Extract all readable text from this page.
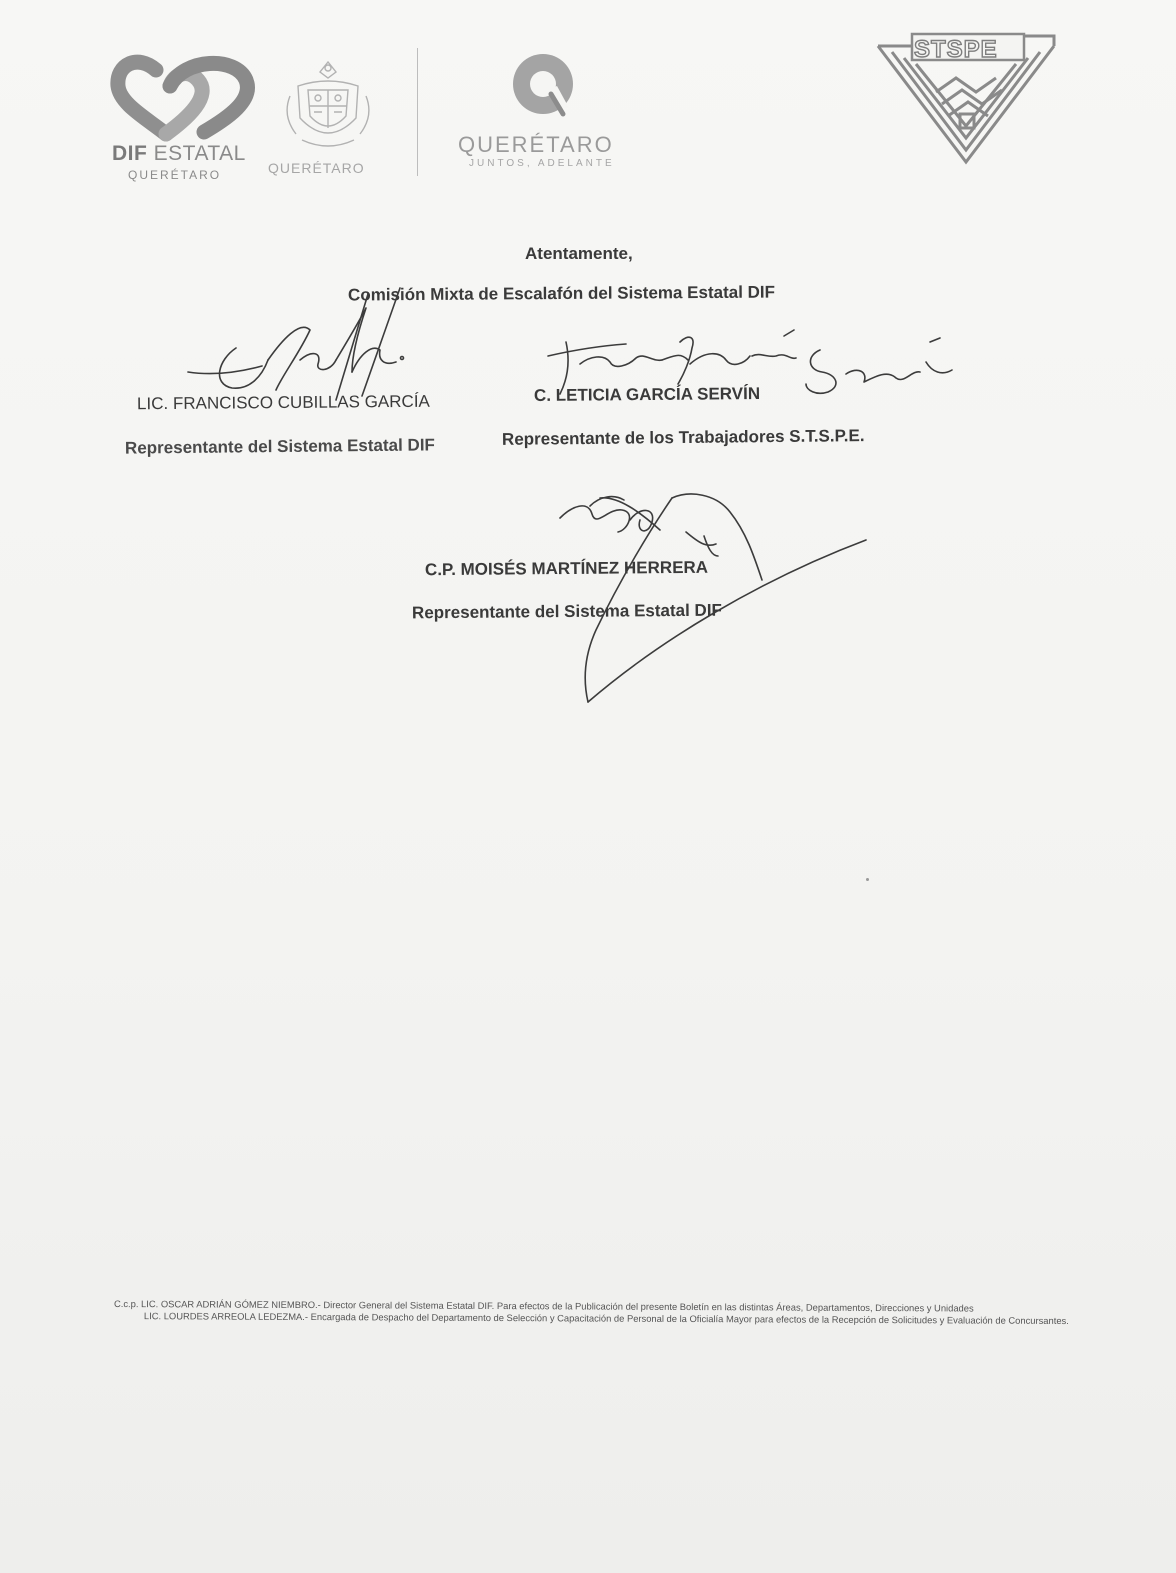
DIF ESTATAL
QUERÉTARO	QUERÉTARO
QUERÉTARO
JUNTOS, ADELANTE
STSPE
Atentamente,
Comisión Mixta de Escalafón del Sistema Estatal DIF
LIC. FRANCISCO CUBILLAS GARCÍA
Representante del Sistema Estatal DIF
C. LETICIA GARCÍA SERVÍN
Representante de los Trabajadores S.T.S.P.E.
C.P. MOISÉS MARTÍNEZ HERRERA
Representante del Sistema Estatal DIF

C.c.p. LIC. OSCAR ADRIÁN GÓMEZ NIEMBRO.- Director General del Sistema Estatal DIF. Para efectos de la Publicación del presente Boletín en las distintas Áreas, Departamentos, Direcciones y Unidades

LIC. LOURDES ARREOLA LEDEZMA.- Encargada de Despacho del Departamento de Selección y Capacitación de Personal de la Oficialía Mayor para efectos de la Recepción de Solicitudes y Evaluación de Concursantes.
